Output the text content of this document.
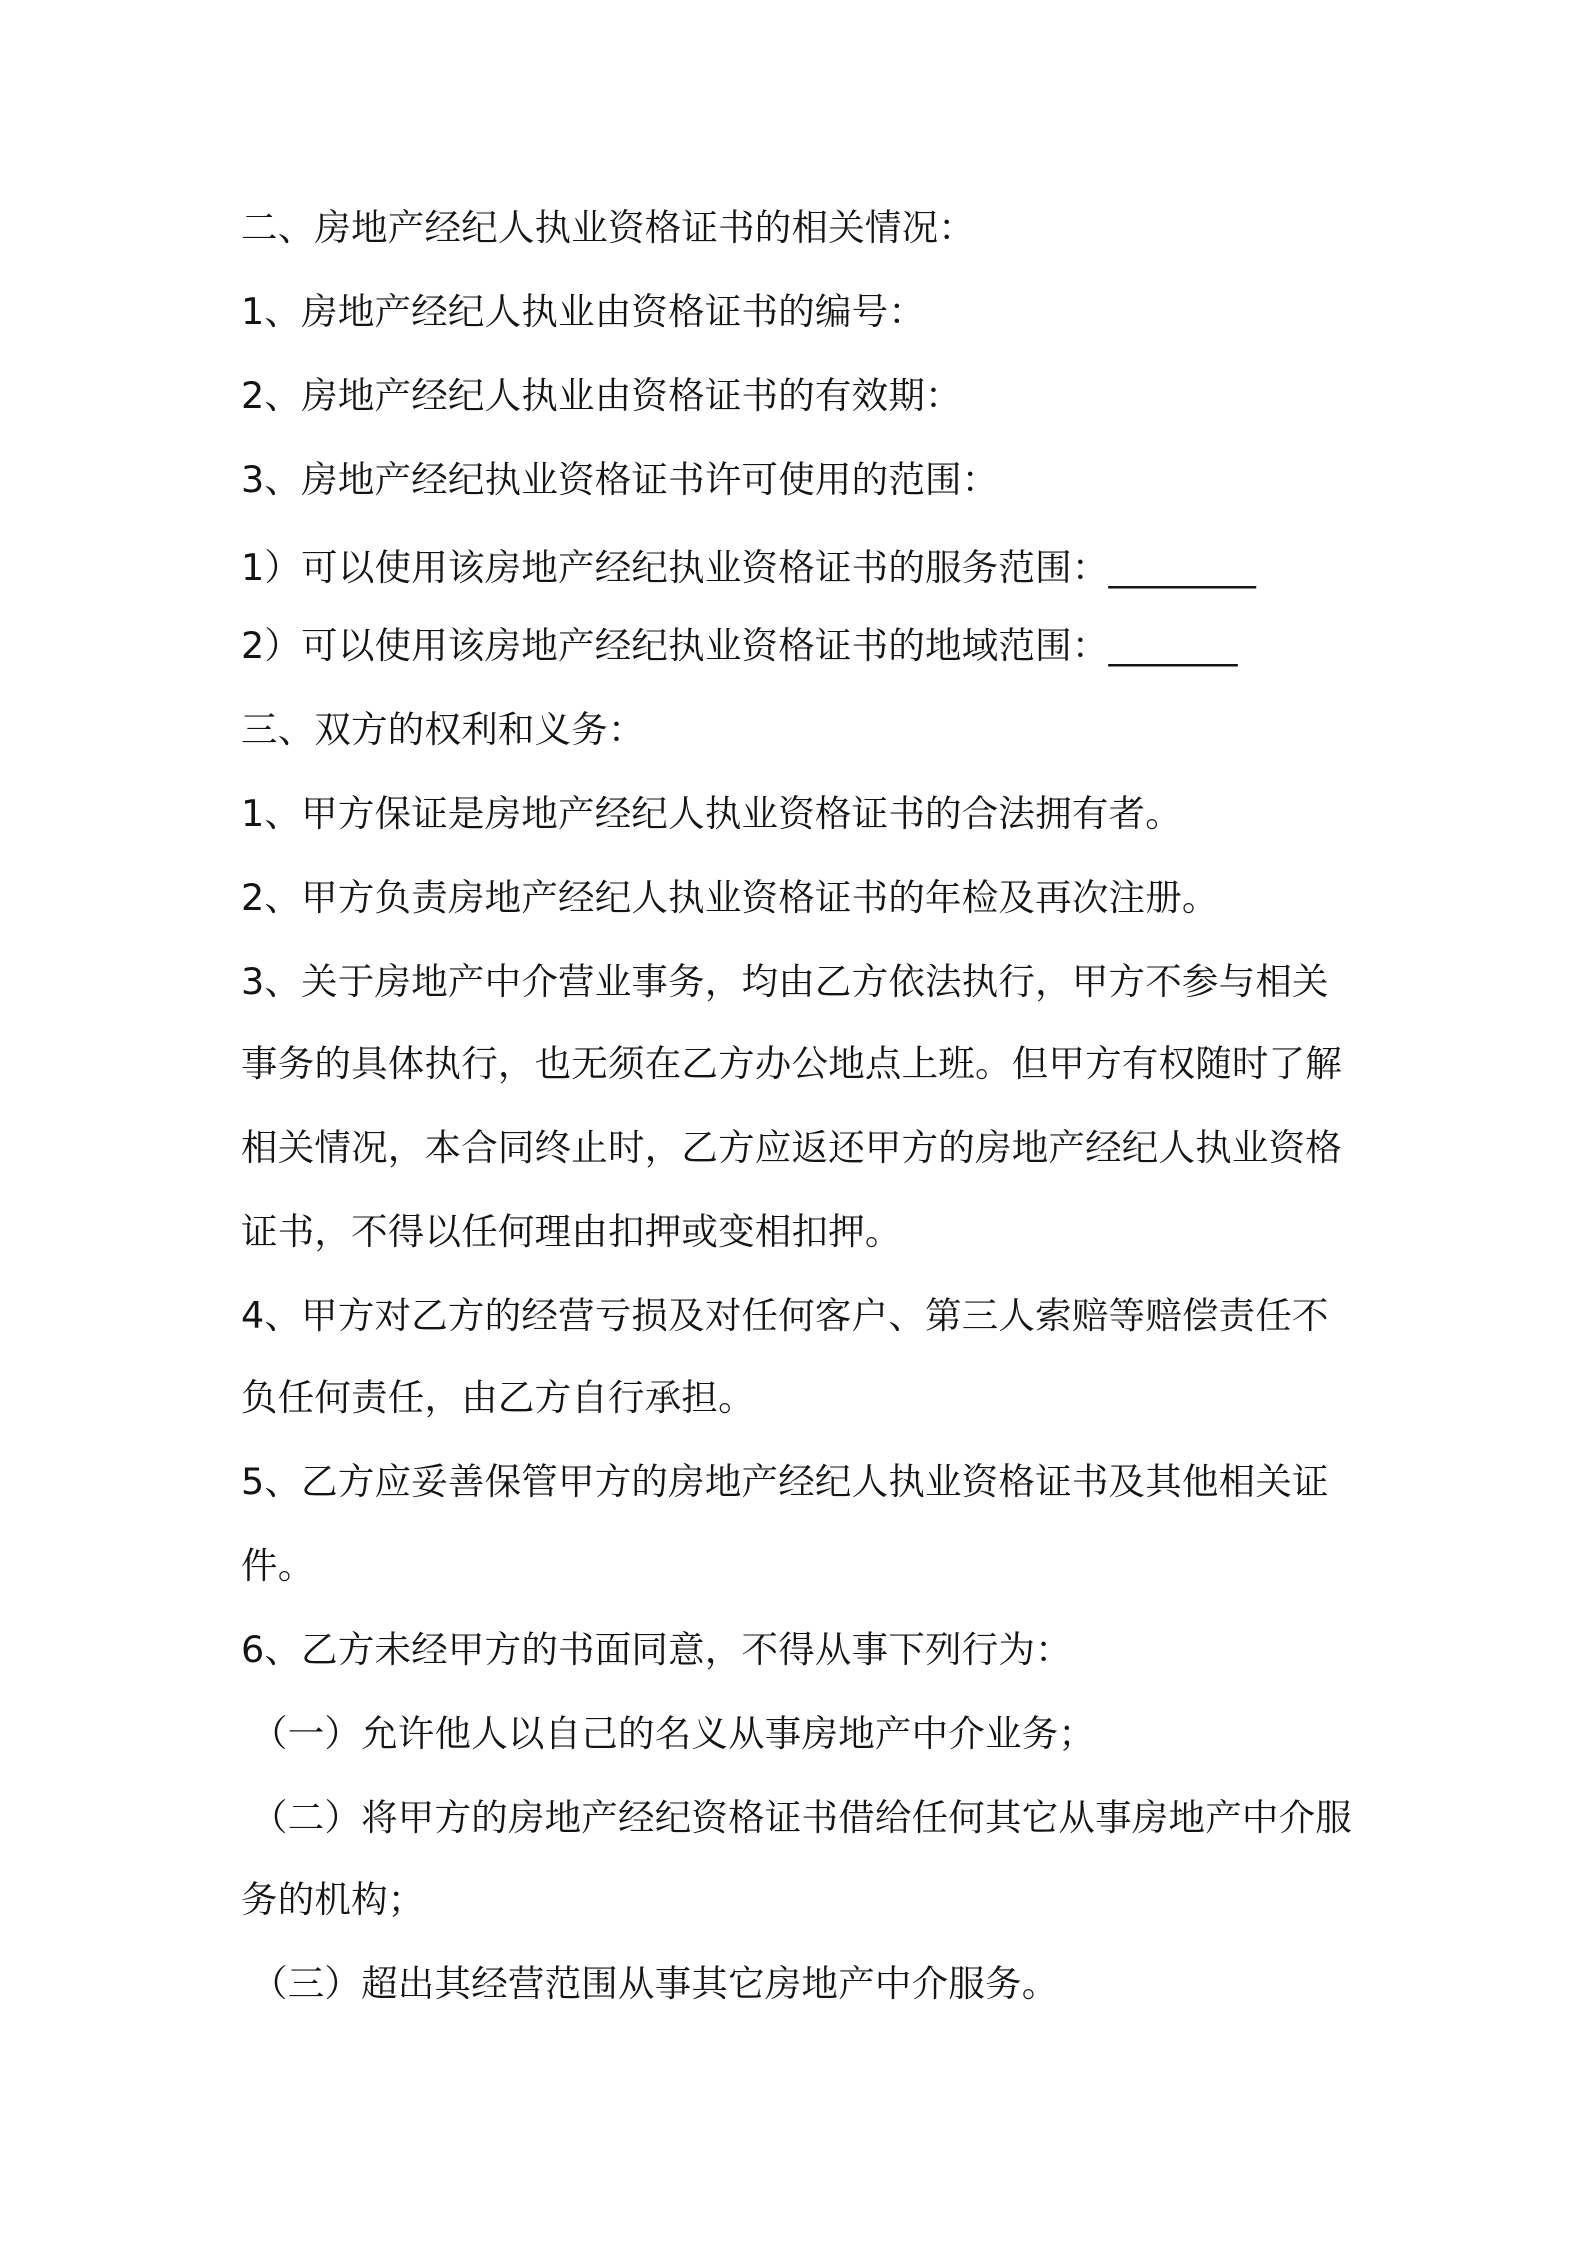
二、房地产经纪人执业资格证书的相关情况：
1、房地产经纪人执业由资格证书的编号：
2、房地产经纪人执业由资格证书的有效期：
3、房地产经纪执业资格证书许可使用的范围：
1）可以使用该房地产经纪执业资格证书的服务范围：________
2）可以使用该房地产经纪执业资格证书的地域范围：_______
三、双方的权利和义务：
1、甲方保证是房地产经纪人执业资格证书的合法拥有者。
2、甲方负责房地产经纪人执业资格证书的年检及再次注册。
3、关于房地产中介营业事务，均由乙方依法执行，甲方不参与相关
事务的具体执行，也无须在乙方办公地点上班。但甲方有权随时了解
相关情况，本合同终止时，乙方应返还甲方的房地产经纪人执业资格
证书，不得以任何理由扣押或变相扣押。
4、甲方对乙方的经营亏损及对任何客户、第三人索赔等赔偿责任不
负任何责任，由乙方自行承担。
5、乙方应妥善保管甲方的房地产经纪人执业资格证书及其他相关证
件。
6、乙方未经甲方的书面同意，不得从事下列行为：
（一）允许他人以自己的名义从事房地产中介业务；
（二）将甲方的房地产经纪资格证书借给任何其它从事房地产中介服
务的机构；
（三）超出其经营范围从事其它房地产中介服务。
